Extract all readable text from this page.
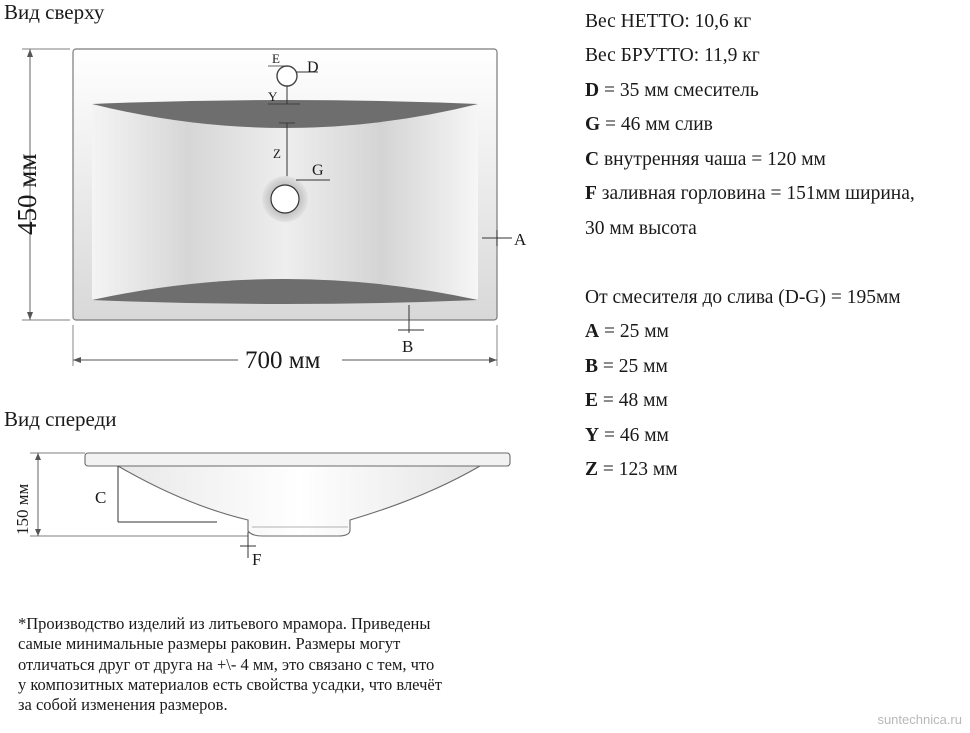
Вид сверху
Вид спереди
D
E
Y
Z
G
A
B
450 мм
700 мм
C
F
150 мм
Вес НЕТТО: 10,6 кг
Вес БРУТТО: 11,9 кг
D = 35 мм смеситель
G = 46 мм слив
C внутренняя чаша = 120 мм
F заливная горловина = 151мм ширина,
30 мм высота
От смесителя до слива (D-G) = 195мм
A = 25 мм
B = 25 мм
E = 48 мм
Y = 46 мм
Z = 123 мм
*Производство изделий из литьевого мрамора. Приведены
самые минимальные размеры раковин. Размеры могут
отличаться друг от друга на +\- 4 мм, это связано с тем, что
у композитных материалов есть свойства усадки, что влечёт
за собой изменения размеров.
suntechnica.ru
